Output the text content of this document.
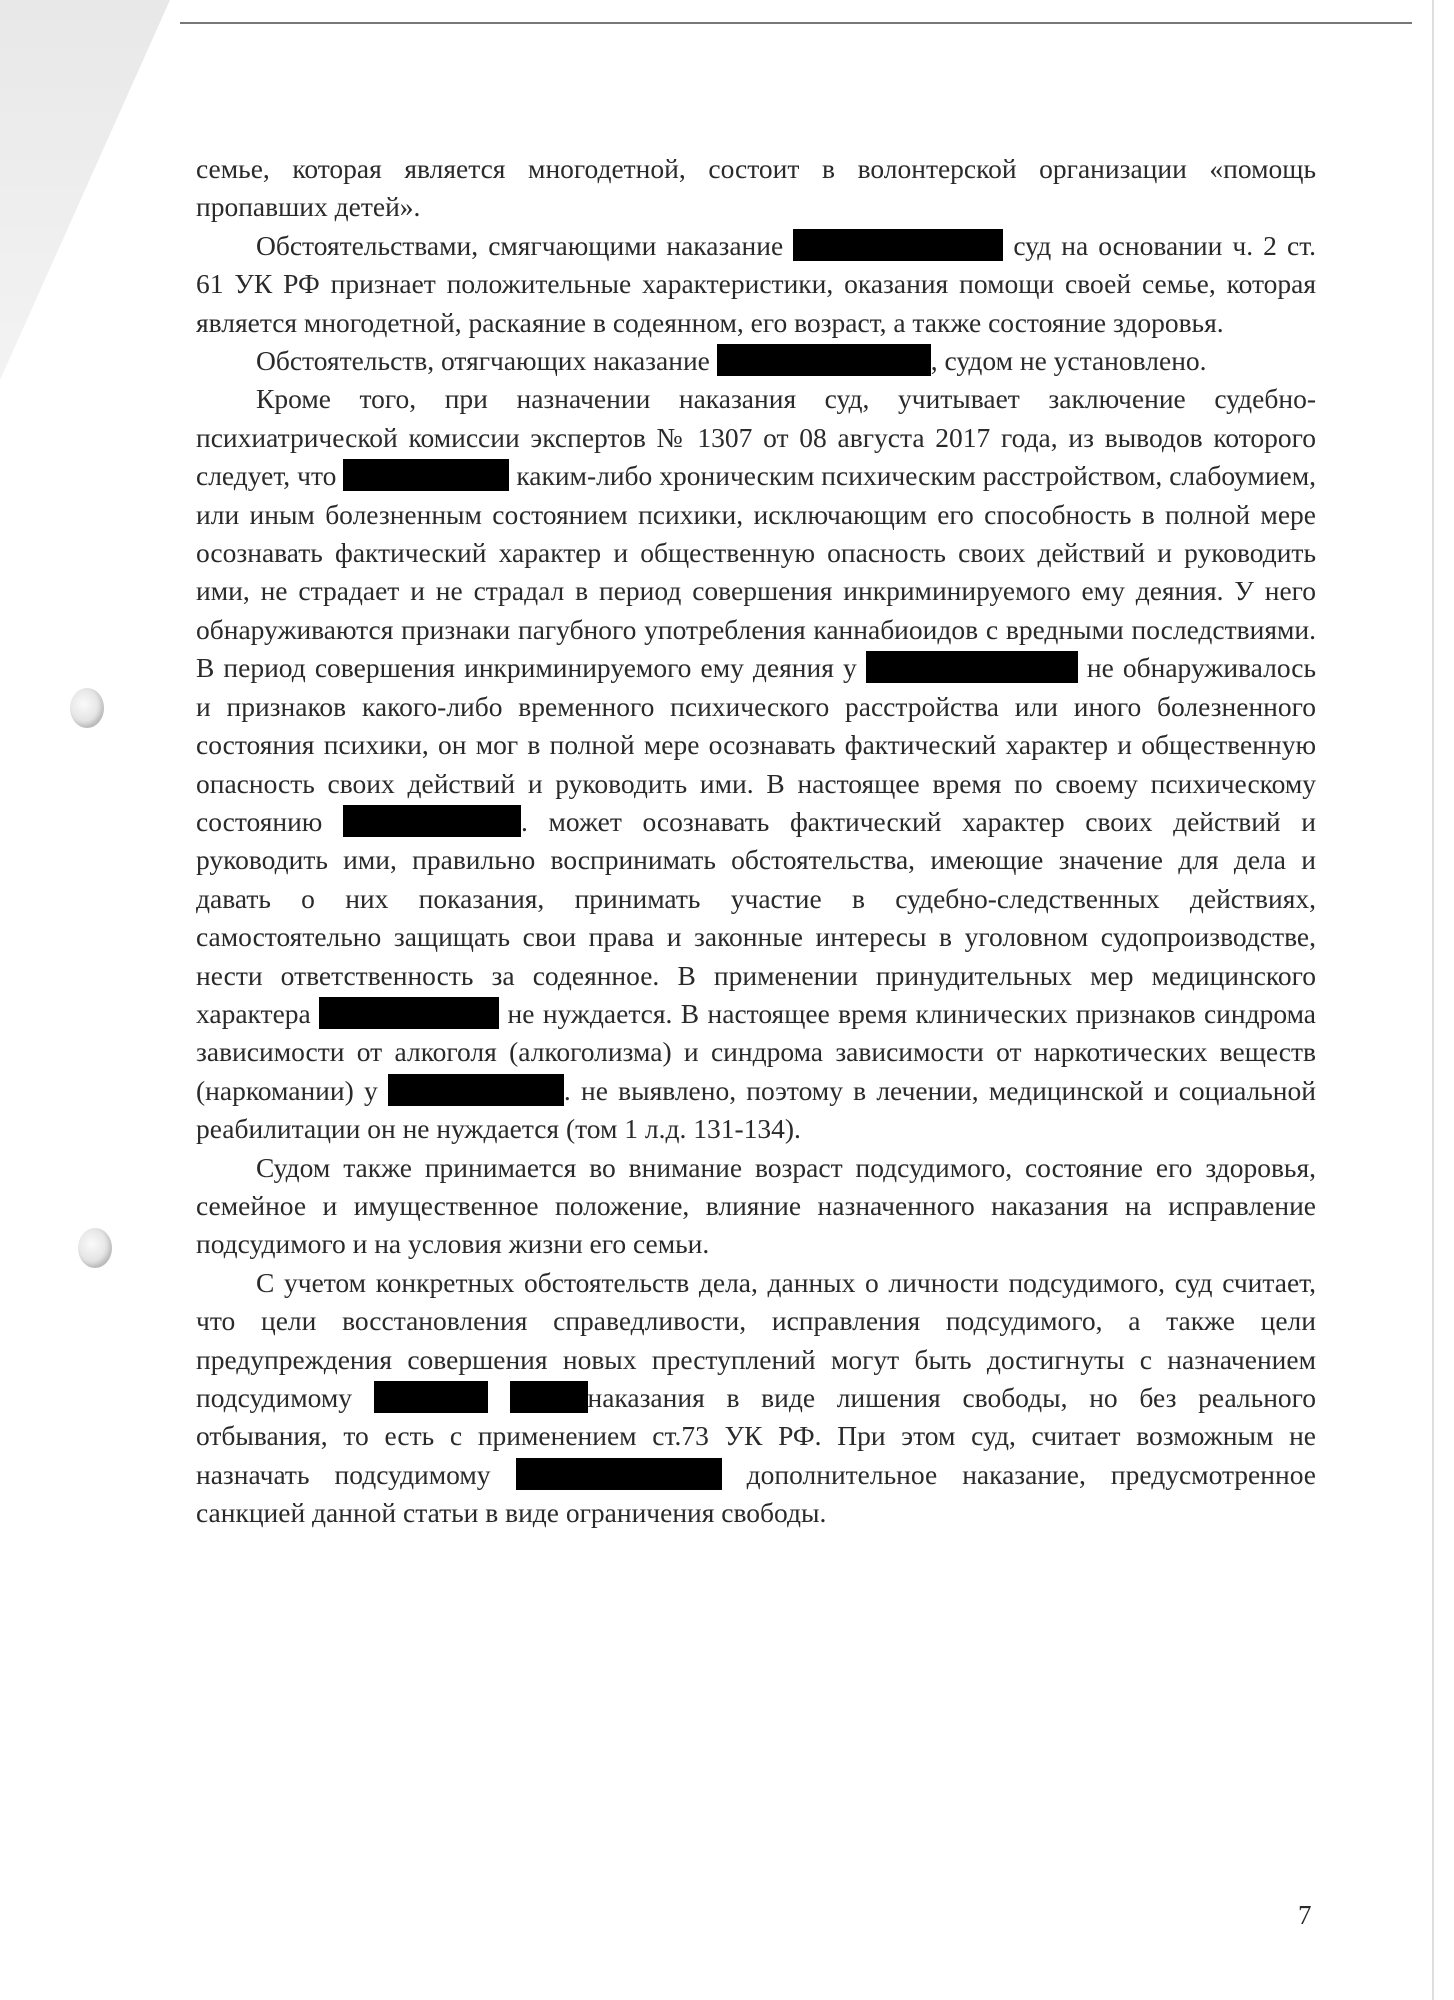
семье, которая является многодетной, состоит в волонтерской организации «помощь пропавших детей».

Обстоятельствами, смягчающими наказание	суд на основании ч. 2 ст. 61 УК РФ признает положительные характеристики, оказания помощи своей семье, которая является многодетной, раскаяние в содеянном, его возраст, а также состояние здоровья.

Обстоятельств, отягчающих наказание	, судом не установлено.

Кроме того, при назначении наказания суд, учитывает заключение судебно-психиатрической комиссии экспертов № 1307 от 08 августа 2017 года, из выводов которого следует, что	каким-либо хроническим психическим расстройством, слабоумием, или иным болезненным состоянием психики, исключающим его способность в полной мере осознавать фактический характер и общественную опасность своих действий и руководить ими, не страдает и не страдал в период совершения инкриминируемого ему деяния. У него обнаруживаются признаки пагубного употребления каннабиоидов с вредными последствиями. В период совершения инкриминируемого ему деяния у	не обнаруживалось и признаков какого-либо временного психического расстройства или иного болезненного состояния психики, он мог в полной мере осознавать фактический характер и общественную опасность своих действий и руководить ими. В настоящее время по своему психическому состоянию	. может осознавать фактический характер своих действий и руководить ими, правильно воспринимать обстоятельства, имеющие значение для дела и давать о них показания, принимать участие в судебно-следственных действиях, самостоятельно защищать свои права и законные интересы в уголовном судопроизводстве, нести ответственность за содеянное. В применении принудительных мер медицинского характера	не нуждается. В настоящее время клинических признаков синдрома зависимости от алкоголя (алкоголизма) и синдрома зависимости от наркотических веществ (наркомании) у	. не выявлено, поэтому в лечении, медицинской и социальной реабилитации он не нуждается (том 1 л.д. 131-134).

Судом также принимается во внимание возраст подсудимого, состояние его здоровья, семейное и имущественное положение, влияние назначенного наказания на исправление подсудимого и на условия жизни его семьи.

С учетом конкретных обстоятельств дела, данных о личности подсудимого, суд считает, что цели восстановления справедливости, исправления подсудимого, а также цели предупреждения совершения новых преступлений могут быть достигнуты с назначением подсудимому	наказания в виде лишения свободы, но без реального отбывания, то есть с применением ст.73 УК РФ. При этом суд, считает возможным не назначать подсудимому	дополнительное наказание, предусмотренное санкцией данной статьи в виде ограничения свободы.

7
